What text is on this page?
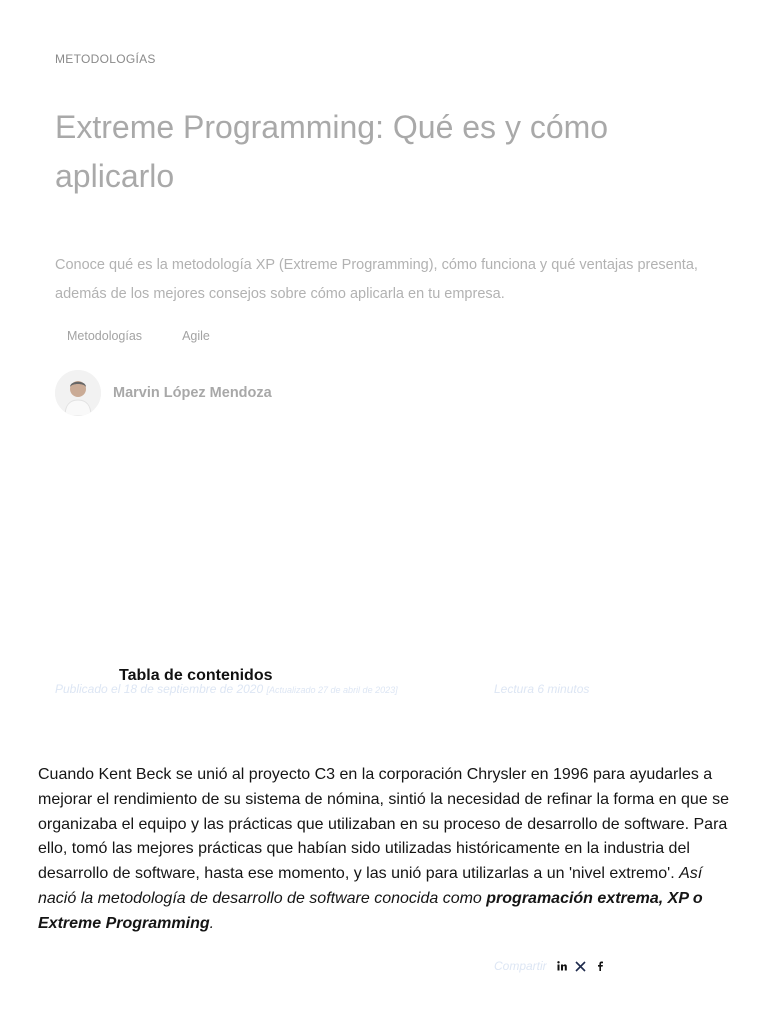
METODOLOGÍAS
Extreme Programming: Qué es y cómo aplicarlo

Conoce qué es la metodología XP (Extreme Programming), cómo funciona y qué ventajas presenta, además de los mejores consejos sobre cómo aplicarla en tu empresa.

Metodologías	Agile
Marvin López Mendoza
Publicado el 18 de septiembre de 2020 [Actualizado 27 de abril de 2023]	Lectura 6 minutos
Tabla de contenidos

Cuando Kent Beck se unió al proyecto C3 en la corporación Chrysler en 1996 para ayudarles a mejorar el rendimiento de su sistema de nómina, sintió la necesidad de refinar la forma en que se organizaba el equipo y las prácticas que utilizaban en su proceso de desarrollo de software. Para ello, tomó las mejores prácticas que habían sido utilizadas históricamente en la industria del desarrollo de software, hasta ese momento, y las unió para utilizarlas a un 'nivel extremo'. Así nació la metodología de desarrollo de software conocida como programación extrema, XP o Extreme Programming.

Compartir
